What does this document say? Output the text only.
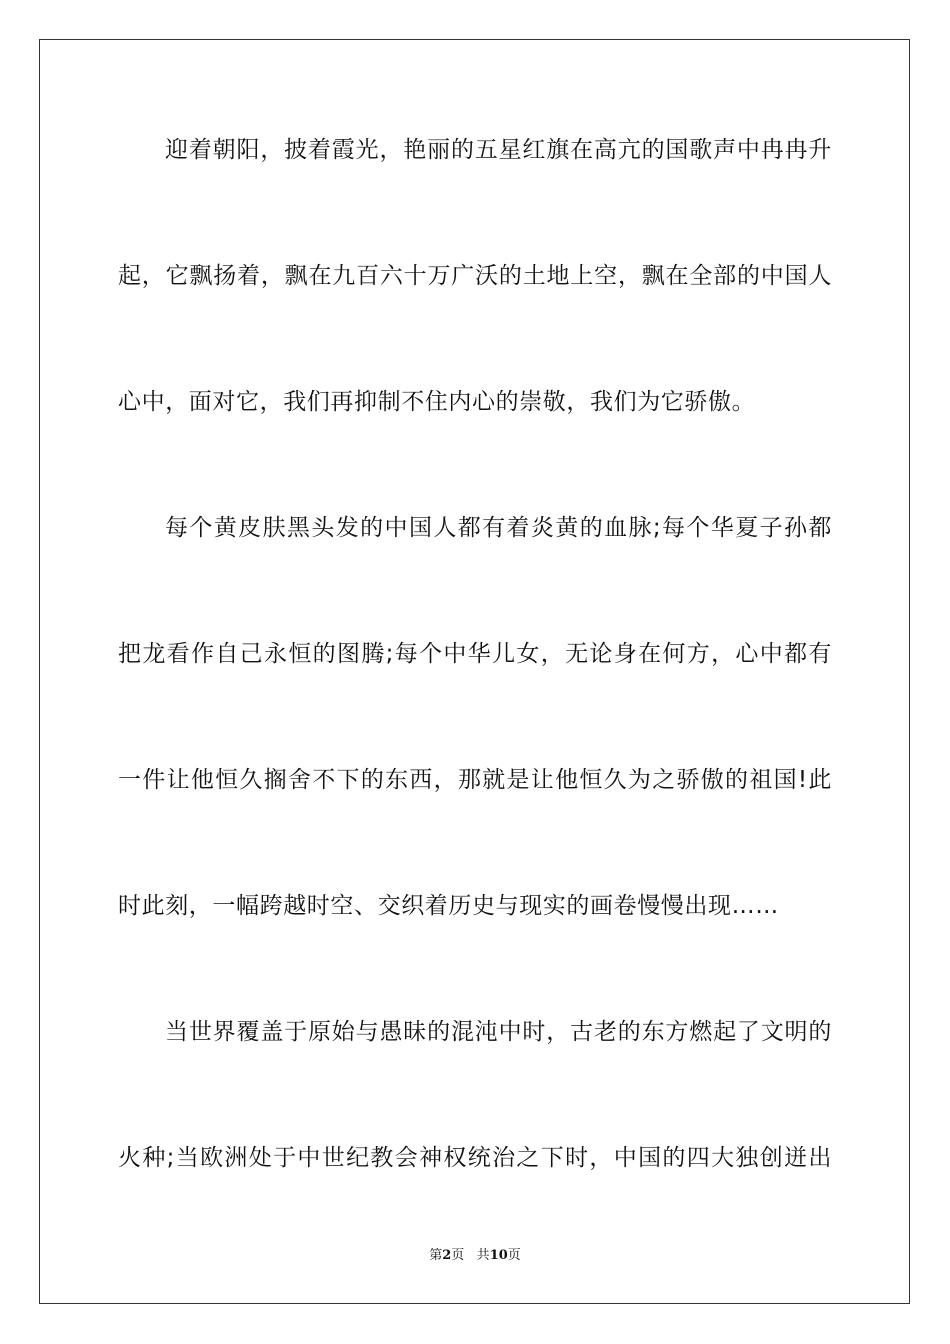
迎着朝阳，披着霞光，艳丽的五星红旗在高亢的国歌声中冉冉升
起，它飘扬着，飘在九百六十万广沃的土地上空，飘在全部的中国人
心中，面对它，我们再抑制不住内心的崇敬，我们为它骄傲。
每个黄皮肤黑头发的中国人都有着炎黄的血脉;每个华夏子孙都
把龙看作自己永恒的图腾;每个中华儿女，无论身在何方，心中都有
一件让他恒久搁舍不下的东西，那就是让他恒久为之骄傲的祖国!此
时此刻，一幅跨越时空、交织着历史与现实的画卷慢慢出现……
当世界覆盖于原始与愚昧的混沌中时，古老的东方燃起了文明的
火种;当欧洲处于中世纪教会神权统治之下时，中国的四大独创迸出
第2页 共10页
